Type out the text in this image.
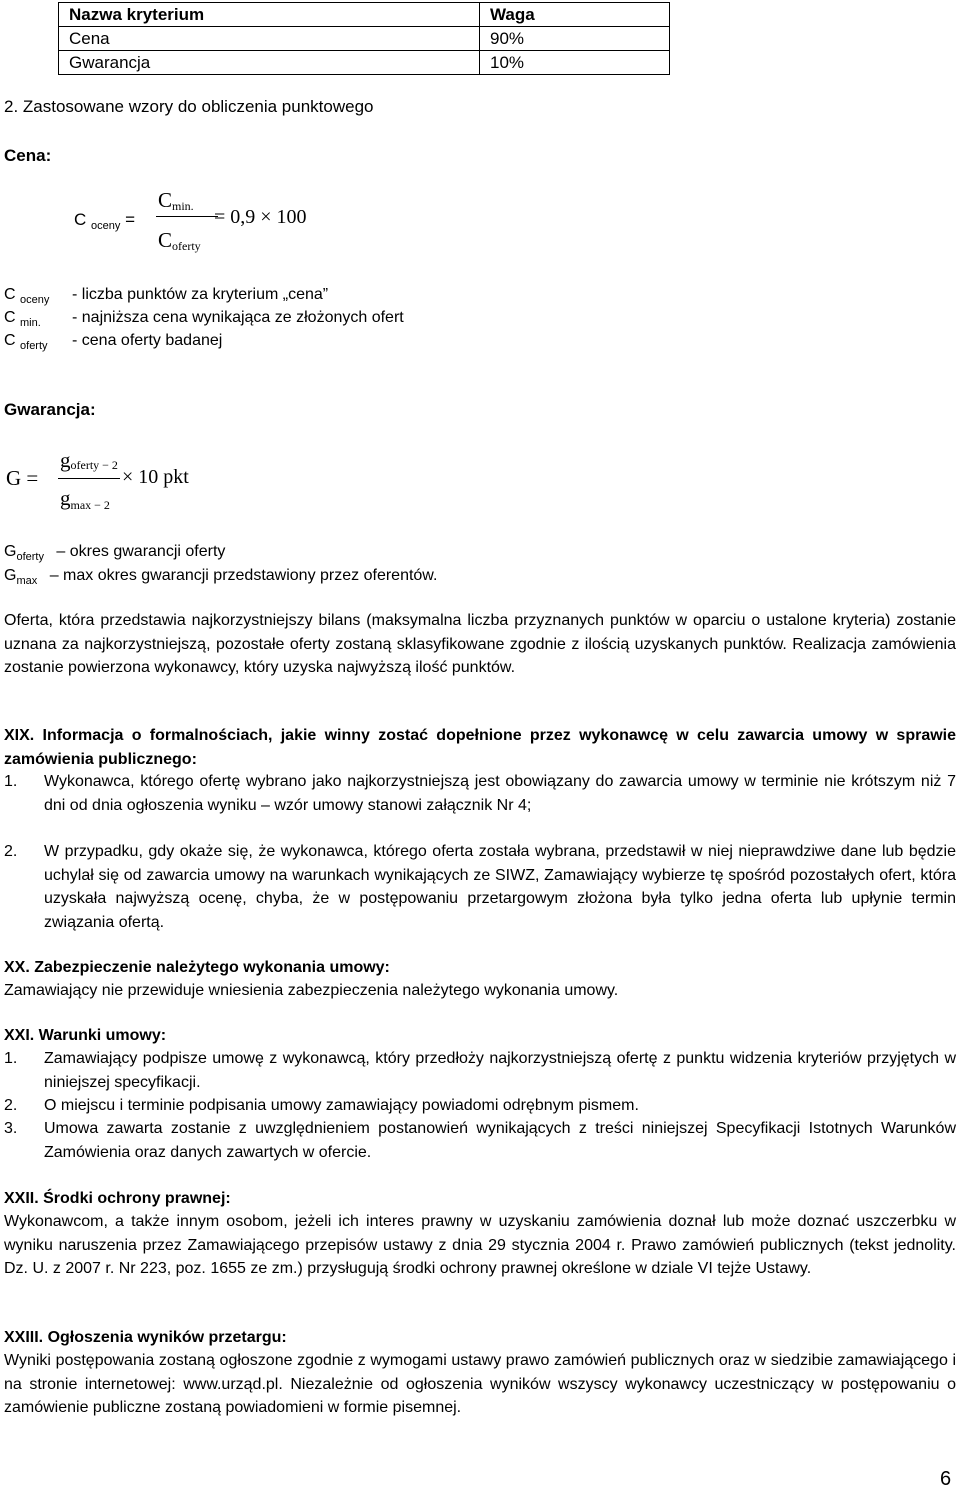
Nazwa kryterium	Waga
Cena	90%
Gwarancja	10%
2. Zastosowane wzory do obliczenia punktowego
Cena:
C $_{oceny}$ =
Cmin.
Coferty
= 0,9 × 100
C $_{oceny}$ - liczba punktów za kryterium „cena”
C $_{min.}$ - najniższa cena wynikająca ze złożonych ofert
C $_{oferty}$ - cena oferty badanej
Gwarancja:
G =
goferty − 2
gmax − 2
× 10 pkt
$G_{oferty}$ – okres gwarancji oferty
$G_{max}$ – max okres gwarancji przedstawiony przez oferentów.
Oferta, która przedstawia najkorzystniejszy bilans (maksymalna liczba przyznanych punktów w oparciu o ustalone kryteria) zostanie uznana za najkorzystniejszą, pozostałe oferty zostaną sklasyfikowane zgodnie z ilością uzyskanych punktów. Realizacja zamówienia zostanie powierzona wykonawcy, który uzyska najwyższą ilość punktów.
XIX. Informacja o formalnościach, jakie winny zostać dopełnione przez wykonawcę w celu zawarcia umowy w sprawie zamówienia publicznego:
1. Wykonawca, którego ofertę wybrano jako najkorzystniejszą jest obowiązany do zawarcia umowy w terminie nie krótszym niż 7 dni od dnia ogłoszenia wyniku – wzór umowy stanowi załącznik Nr 4;
2. W przypadku, gdy okaże się, że wykonawca, którego oferta została wybrana, przedstawił w niej nieprawdziwe dane lub będzie uchylał się od zawarcia umowy na warunkach wynikających ze SIWZ, Zamawiający wybierze tę spośród pozostałych ofert, która uzyskała najwyższą ocenę, chyba, że w postępowaniu przetargowym złożona była tylko jedna oferta lub upłynie termin związania ofertą.
XX. Zabezpieczenie należytego wykonania umowy:
Zamawiający nie przewiduje wniesienia zabezpieczenia należytego wykonania umowy.
XXI. Warunki umowy:
1. Zamawiający podpisze umowę z wykonawcą, który przedłoży najkorzystniejszą ofertę z punktu widzenia kryteriów przyjętych w niniejszej specyfikacji.
2. O miejscu i terminie podpisania umowy zamawiający powiadomi odrębnym pismem.
3. Umowa zawarta zostanie z uwzględnieniem postanowień wynikających z treści niniejszej Specyfikacji Istotnych Warunków Zamówienia oraz danych zawartych w ofercie.
XXII. Środki ochrony prawnej:
Wykonawcom, a także innym osobom, jeżeli ich interes prawny w uzyskaniu zamówienia doznał lub może doznać uszczerbku w wyniku naruszenia przez Zamawiającego przepisów ustawy z dnia 29 stycznia 2004 r. Prawo zamówień publicznych (tekst jednolity. Dz. U. z 2007 r. Nr 223, poz. 1655 ze zm.) przysługują środki ochrony prawnej określone w dziale VI tejże Ustawy.
XXIII. Ogłoszenia wyników przetargu:
Wyniki postępowania zostaną ogłoszone zgodnie z wymogami ustawy prawo zamówień publicznych oraz w siedzibie zamawiającego i na stronie internetowej: www.urząd.pl. Niezależnie od ogłoszenia wyników wszyscy wykonawcy uczestniczący w postępowaniu o zamówienie publiczne zostaną powiadomieni w formie pisemnej.
6
